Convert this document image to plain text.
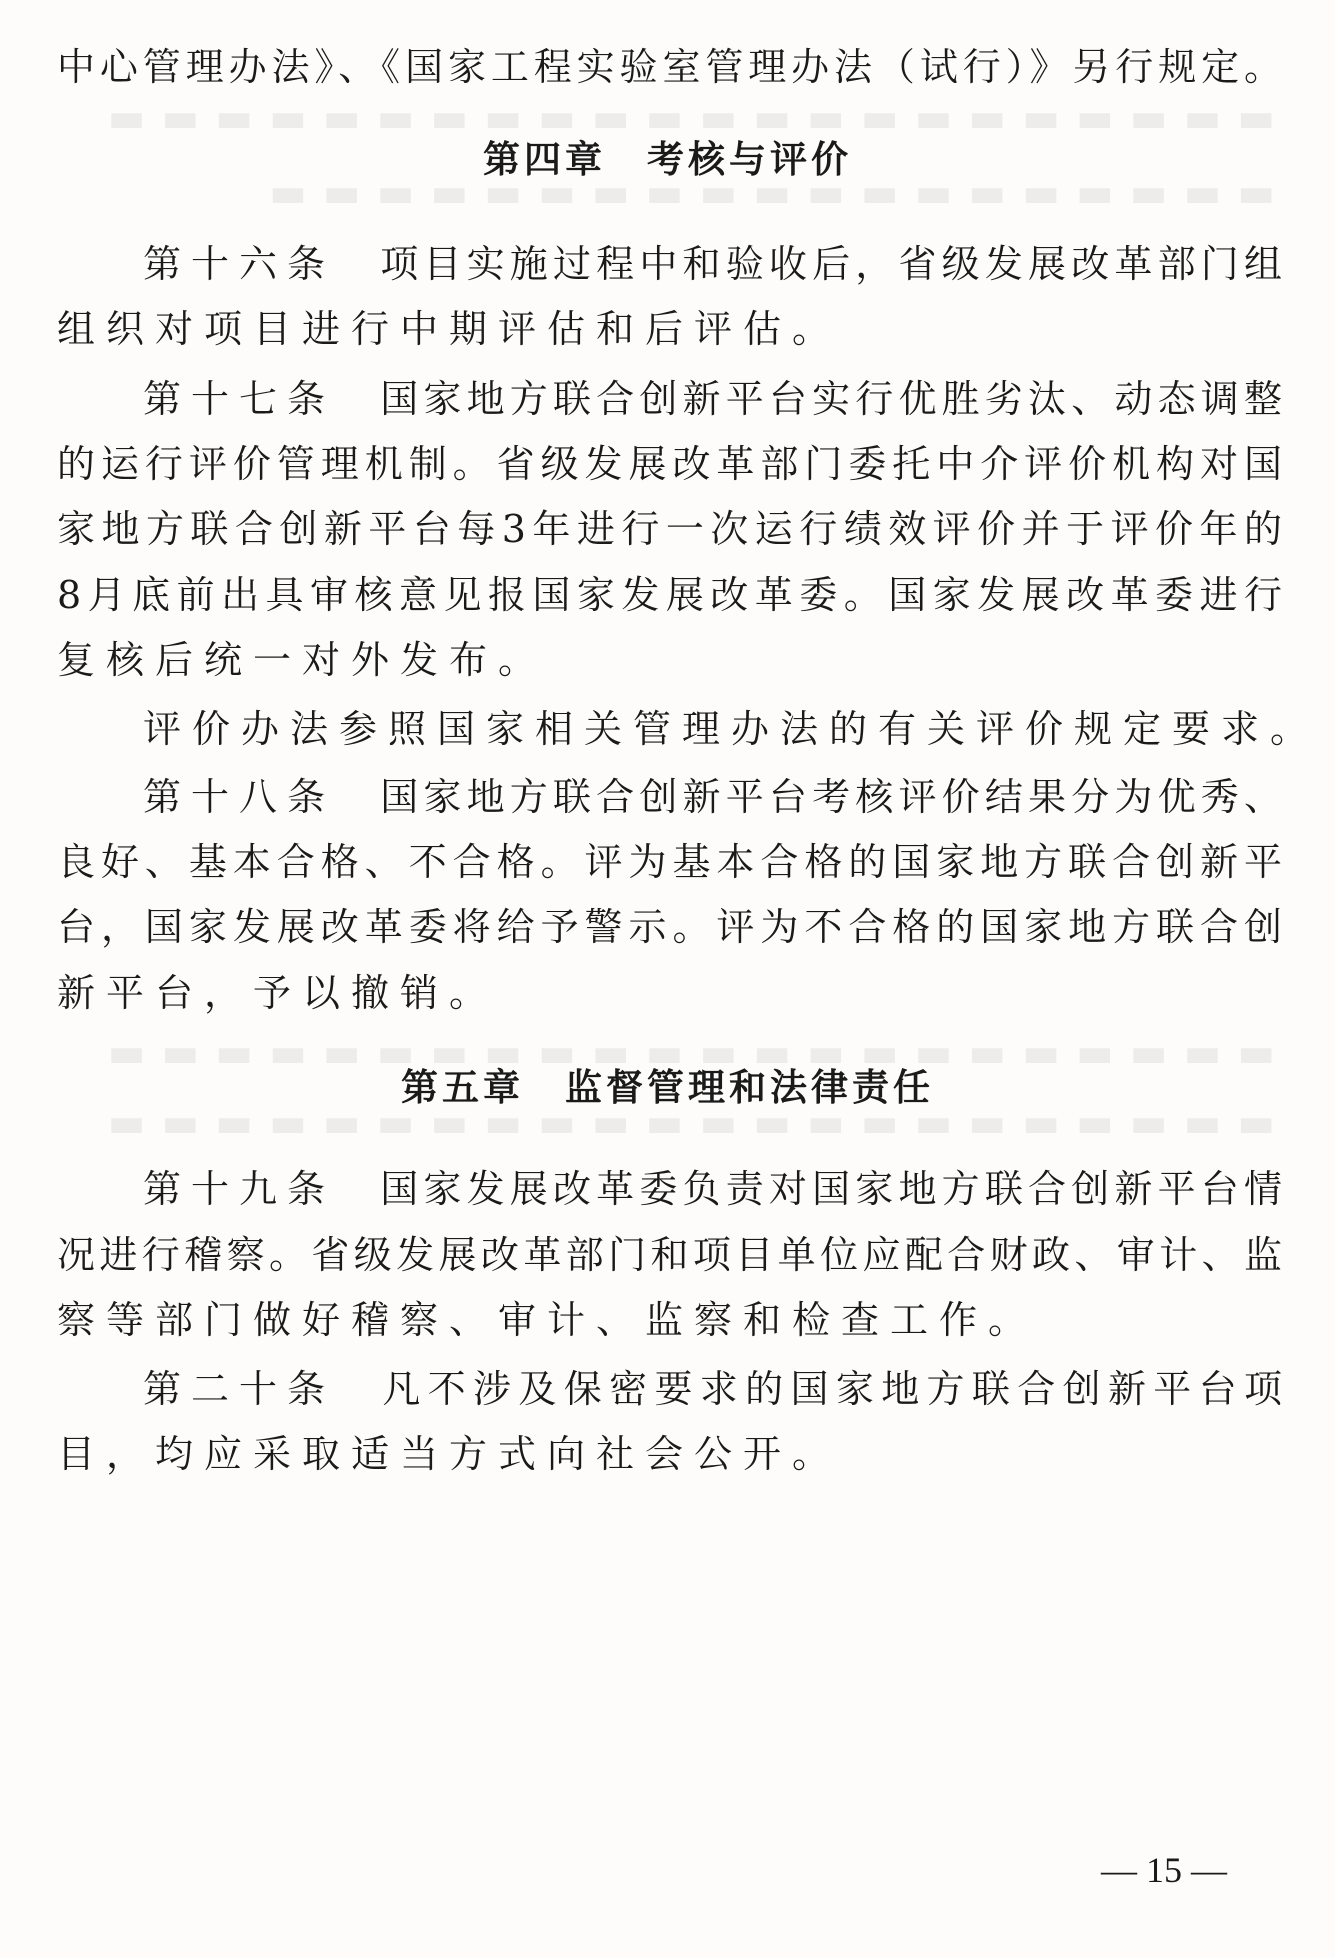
▬▬▬▬▬▬▬▬▬▬▬▬▬▬▬▬▬▬▬▬▬▬
▬▬▬▬▬▬▬▬▬▬▬▬▬▬▬▬▬▬▬
▬▬▬▬▬▬▬▬▬▬▬▬▬▬▬▬▬▬▬▬▬▬
▬▬▬▬▬▬▬▬▬▬▬▬▬▬▬▬▬▬▬▬▬▬
中心管理办法》、《国家工程实验室管理办法（试行）》另行规定。
第四章　考核与评价
第十六条 项目实施过程中和验收后，省级发展改革部门组
组织对项目进行中期评估和后评估。
第十七条 国家地方联合创新平台实行优胜劣汰、动态调整
的运行评价管理机制。省级发展改革部门委托中介评价机构对国
家地方联合创新平台每3年进行一次运行绩效评价并于评价年的
8月底前出具审核意见报国家发展改革委。国家发展改革委进行
复核后统一对外发布。
评价办法参照国家相关管理办法的有关评价规定要求。
第十八条 国家地方联合创新平台考核评价结果分为优秀、
良好、基本合格、不合格。评为基本合格的国家地方联合创新平
台，国家发展改革委将给予警示。评为不合格的国家地方联合创
新平台，予以撤销。
第五章　监督管理和法律责任
第十九条 国家发展改革委负责对国家地方联合创新平台情
况进行稽察。省级发展改革部门和项目单位应配合财政、审计、监
察等部门做好稽察、审计、监察和检查工作。
第二十条 凡不涉及保密要求的国家地方联合创新平台项
目，均应采取适当方式向社会公开。
— 15 —
